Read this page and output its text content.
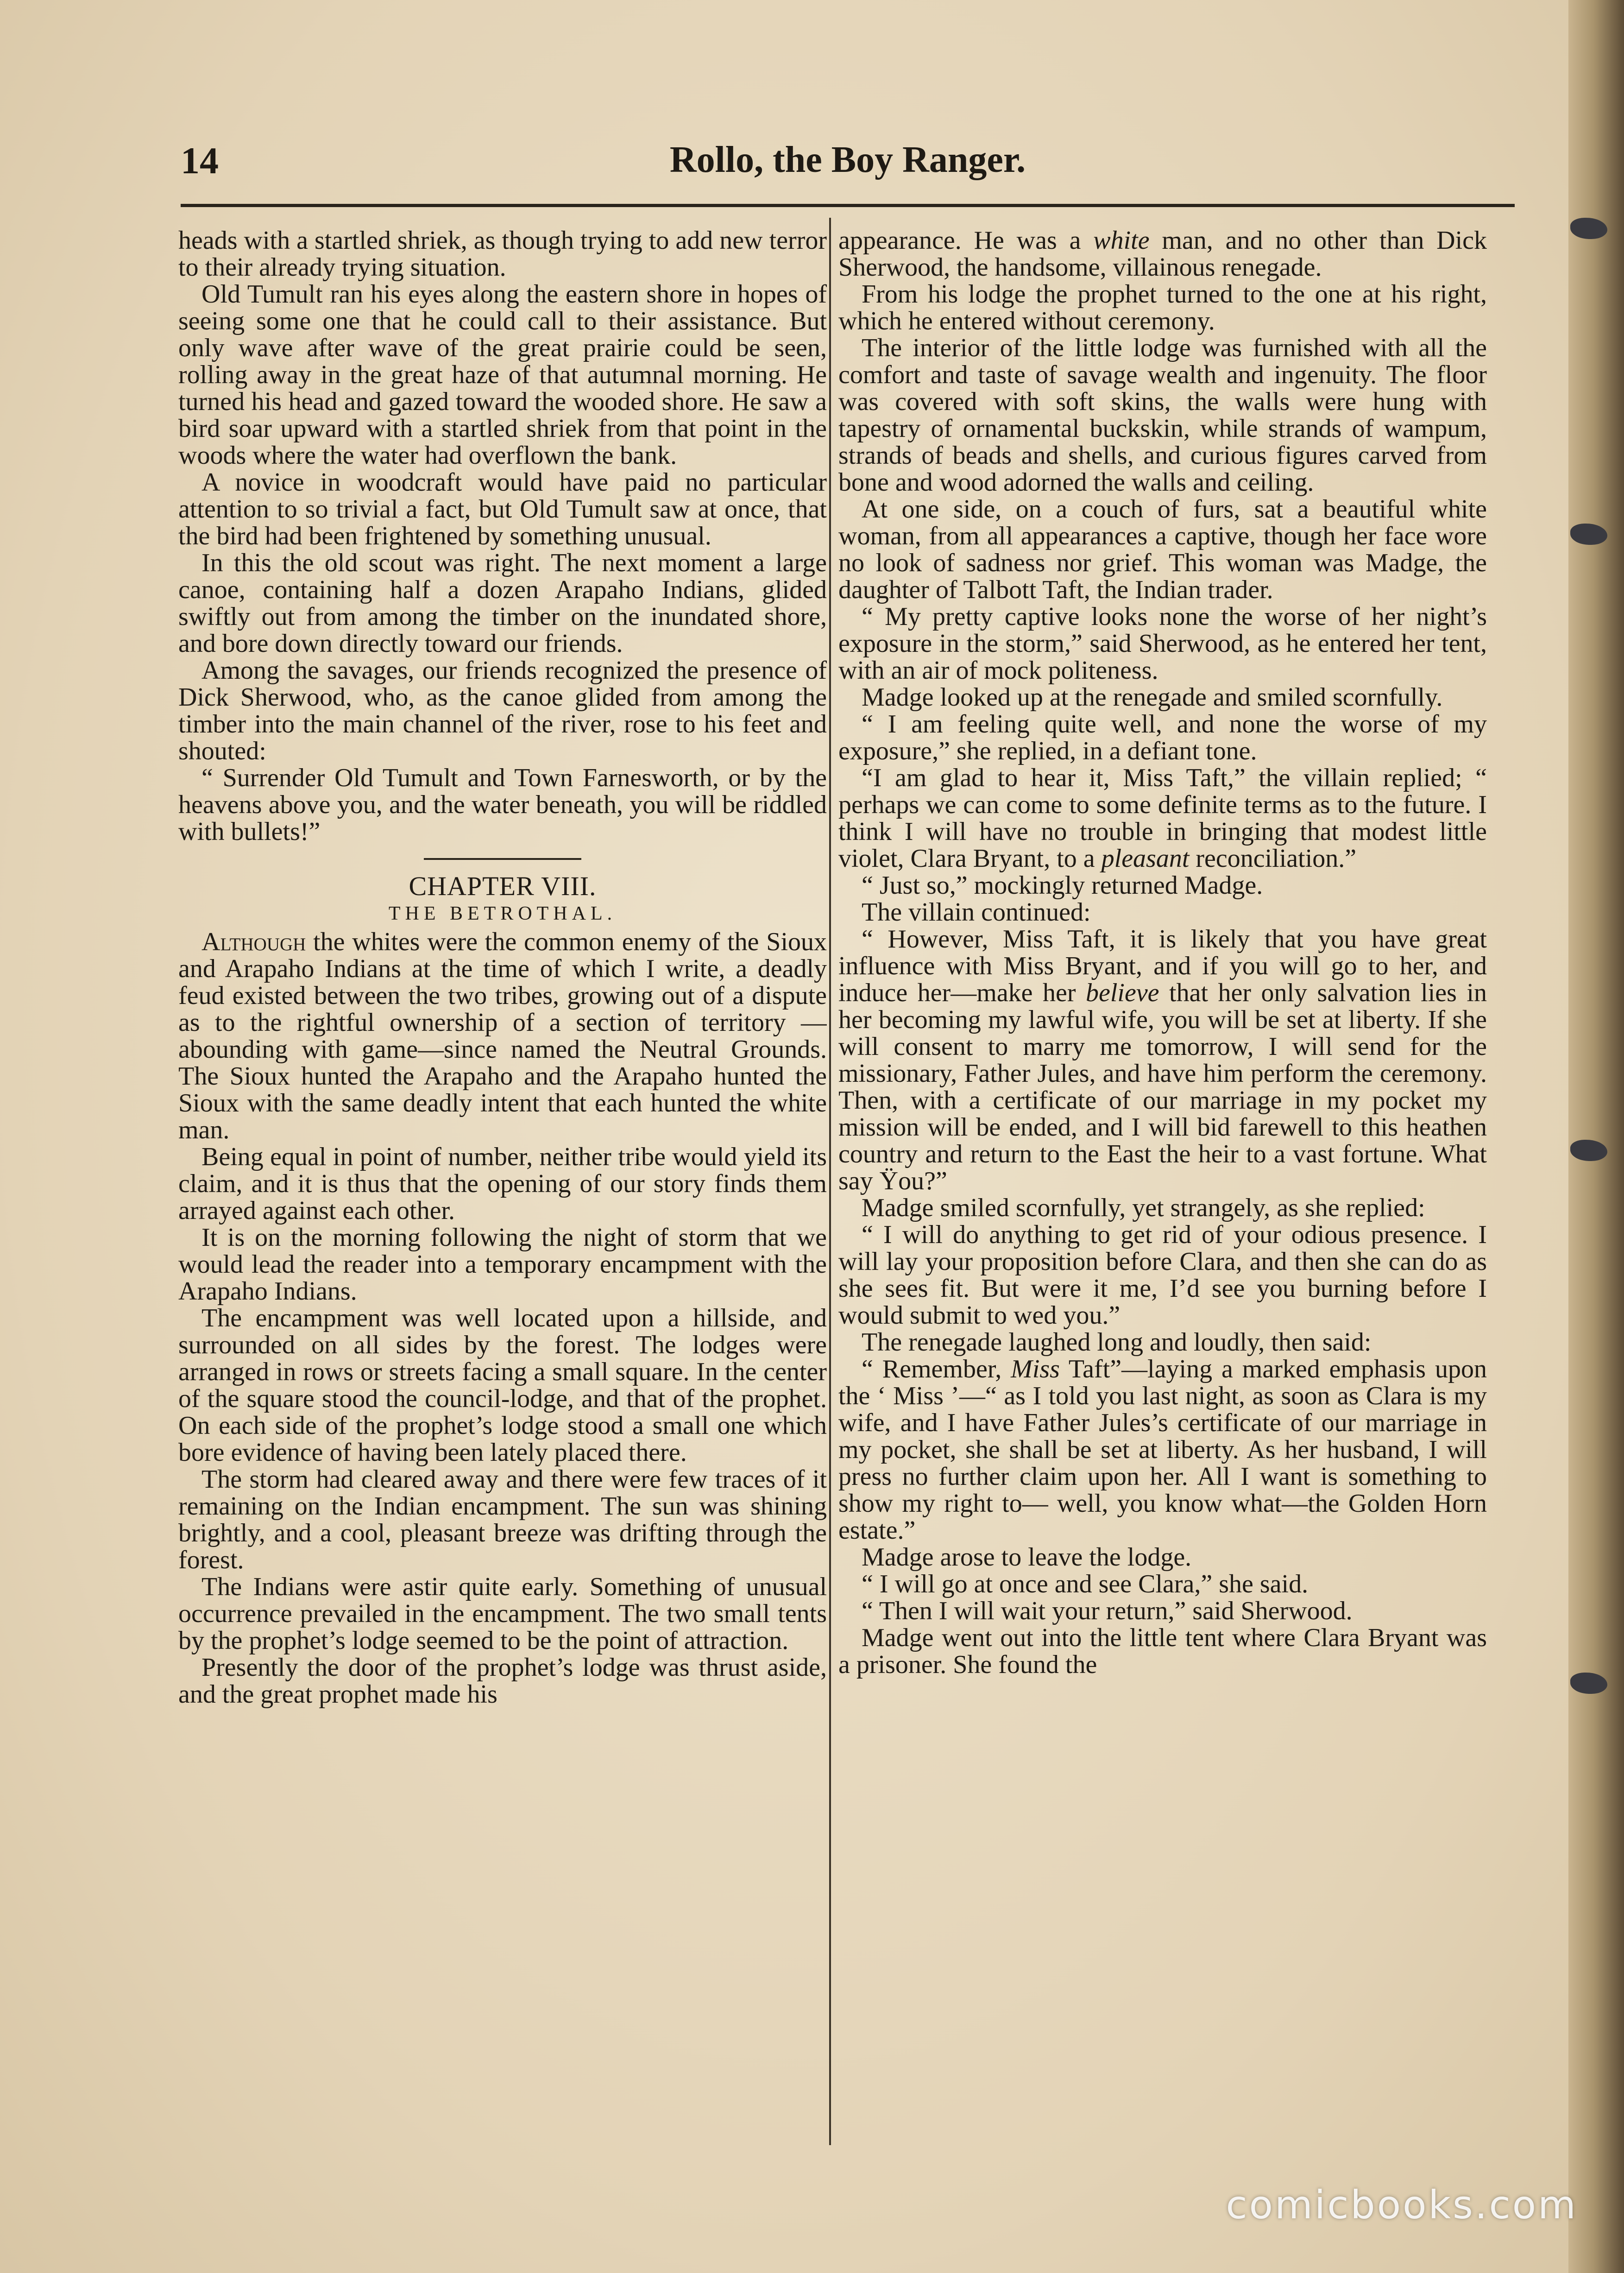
14	Rollo, the Boy Ranger.

heads with a startled shriek, as though trying to add new terror to their already trying situation.

Old Tumult ran his eyes along the eastern shore in hopes of seeing some one that he could call to their assistance. But only wave after wave of the great prairie could be seen, rolling away in the great haze of that autumnal morning. He turned his head and gazed toward the wooded shore. He saw a bird soar upward with a startled shriek from that point in the woods where the water had overflown the bank.

A novice in woodcraft would have paid no particular attention to so trivial a fact, but Old Tumult saw at once, that the bird had been frightened by something unusual.

In this the old scout was right. The next moment a large canoe, containing half a dozen Arapaho Indians, glided swiftly out from among the timber on the inundated shore, and bore down directly toward our friends.

Among the savages, our friends recognized the presence of Dick Sherwood, who, as the canoe glided from among the timber into the main channel of the river, rose to his feet and shouted:

“ Surrender Old Tumult and Town Farnesworth, or by the heavens above you, and the water beneath, you will be riddled with bullets!”

CHAPTER VIII.
THE BETROTHAL.

Although the whites were the common enemy of the Sioux and Arapaho Indians at the time of which I write, a deadly feud existed between the two tribes, growing out of a dispute as to the rightful ownership of a section of territory —abounding with game—since named the Neutral Grounds. The Sioux hunted the Arapaho and the Arapaho hunted the Sioux with the same deadly intent that each hunted the white man.

Being equal in point of number, neither tribe would yield its claim, and it is thus that the opening of our story finds them arrayed against each other.

It is on the morning following the night of storm that we would lead the reader into a temporary encampment with the Arapaho Indians.

The encampment was well located upon a hillside, and surrounded on all sides by the forest. The lodges were arranged in rows or streets facing a small square. In the center of the square stood the council-lodge, and that of the prophet. On each side of the prophet’s lodge stood a small one which bore evidence of having been lately placed there.

The storm had cleared away and there were few traces of it remaining on the Indian encampment. The sun was shining brightly, and a cool, pleasant breeze was drifting through the forest.

The Indians were astir quite early. Something of unusual occurrence prevailed in the encampment. The two small tents by the prophet’s lodge seemed to be the point of attraction.

Presently the door of the prophet’s lodge was thrust aside, and the great prophet made his

appearance. He was a white man, and no other than Dick Sherwood, the handsome, villainous renegade.

From his lodge the prophet turned to the one at his right, which he entered without ceremony.

The interior of the little lodge was furnished with all the comfort and taste of savage wealth and ingenuity. The floor was covered with soft skins, the walls were hung with tapestry of ornamental buckskin, while strands of wampum, strands of beads and shells, and curious figures carved from bone and wood adorned the walls and ceiling.

At one side, on a couch of furs, sat a beautiful white woman, from all appearances a captive, though her face wore no look of sadness nor grief. This woman was Madge, the daughter of Talbott Taft, the Indian trader.

“ My pretty captive looks none the worse of her night’s exposure in the storm,” said Sherwood, as he entered her tent, with an air of mock politeness.

Madge looked up at the renegade and smiled scornfully.

“ I am feeling quite well, and none the worse of my exposure,” she replied, in a defiant tone.

“I am glad to hear it, Miss Taft,” the villain replied; “ perhaps we can come to some definite terms as to the future. I think I will have no trouble in bringing that modest little violet, Clara Bryant, to a pleasant reconciliation.”

“ Just so,” mockingly returned Madge.

The villain continued:

“ However, Miss Taft, it is likely that you have great influence with Miss Bryant, and if you will go to her, and induce her—make her believe that her only salvation lies in her becoming my lawful wife, you will be set at liberty. If she will consent to marry me tomorrow, I will send for the missionary, Father Jules, and have him perform the ceremony. Then, with a certificate of our marriage in my pocket my mission will be ended, and I will bid farewell to this heathen country and return to the East the heir to a vast fortune. What say Ÿou?”

Madge smiled scornfully, yet strangely, as she replied:

“ I will do anything to get rid of your odious presence. I will lay your proposition before Clara, and then she can do as she sees fit. But were it me, I’d see you burning before I would submit to wed you.”

The renegade laughed long and loudly, then said:

“ Remember, Miss Taft”—laying a marked emphasis upon the ‘ Miss ’—“ as I told you last night, as soon as Clara is my wife, and I have Father Jules’s certificate of our marriage in my pocket, she shall be set at liberty. As her husband, I will press no further claim upon her. All I want is something to show my right to— well, you know what—the Golden Horn estate.”

Madge arose to leave the lodge.

“ I will go at once and see Clara,” she said.

“ Then I will wait your return,” said Sherwood.

Madge went out into the little tent where Clara Bryant was a prisoner. She found the

comicbooks.com
